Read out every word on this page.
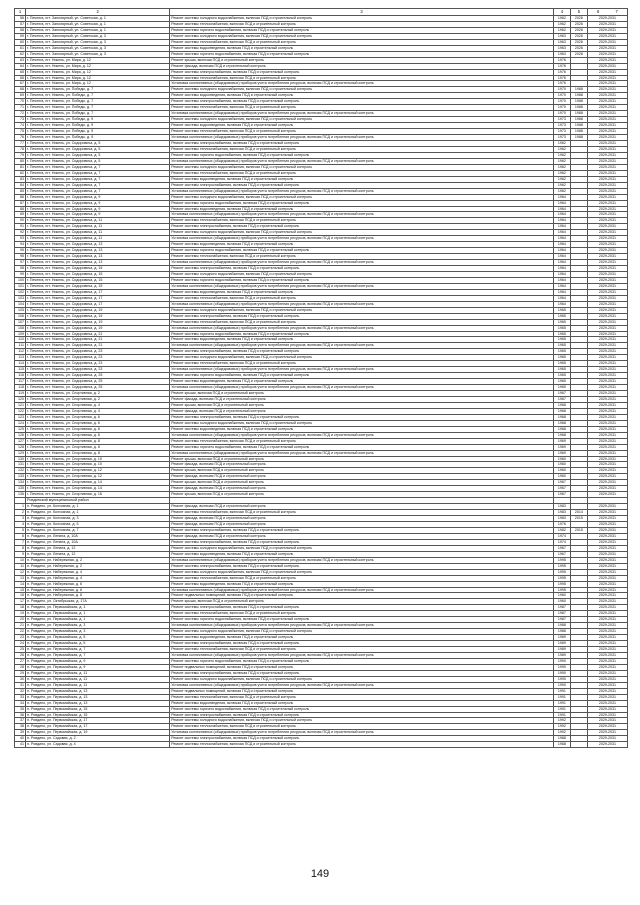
1	2	3	4	5	6 7
56	г. Печенга, пгт. Заполярный, ул. Советская, д. 1	Ремонт системы холодного водоснабжения, включая ПСД и строительный контроль	1962	2026	2029-2031
57	г. Печенга, пгт. Заполярный, ул. Советская, д. 1	Ремонт системы теплоснабжения, включая ПСД и строительный контроль	1962	2026	2029-2031
58	г. Печенга, пгт. Заполярный, ул. Советская, д. 1	Ремонт системы горячего водоснабжения, включая ПСД и строительный контроль	1962	2026	2029-2031
59	г. Печенга, пгт. Заполярный, ул. Советская, д. 3	Ремонт системы холодного водоснабжения, включая ПСД и строительный контроль	1963	2026	2029-2031
60	г. Печенга, пгт. Заполярный, ул. Советская, д. 3	Ремонт системы теплоснабжения, включая ПСД и строительный контроль	1963	2026	2029-2031
61	г. Печенга, пгт. Заполярный, ул. Советская, д. 3	Ремонт системы водоотведения, включая ПСД и строительный контроль	1963	2026	2029-2031
62	г. Печенга, пгт. Заполярный, ул. Советская, д. 3	Ремонт системы горячего водоснабжения, включая ПСД и строительный контроль	1963	2026	2029-2031
63	г. Печенга, пгт. Никель, ул. Мира, д. 12	Ремонт крыши, включая ПСД и строительный контроль	1976		2029-2031
64	г. Печенга, пгт. Никель, ул. Мира, д. 12	Ремонт фасада, включая ПСД и строительный контроль	1976		2029-2031
65	г. Печенга, пгт. Никель, ул. Мира, д. 12	Ремонт системы электроснабжения, включая ПСД и строительный контроль	1976		2029-2031
66	г. Печенга, пгт. Никель, ул. Мира, д. 12	Ремонт системы теплоснабжения, включая ПСД и строительный контроль	1976		2029-2031
67	г. Печенга, пгт. Никель, ул. Мира, д. 12	Установка коллективных (общедомовых) приборов учета потребления ресурсов, включая ПСД и строительный контроль	1976		2029-2031
68	г. Печенга, пгт. Никель, ул. Победы, д. 7	Ремонт системы холодного водоснабжения, включая ПСД и строительный контроль	1970	1988	2029-2031
69	г. Печенга, пгт. Никель, ул. Победы, д. 7	Ремонт системы водоотведения, включая ПСД и строительный контроль	1970	1988	2029-2031
70	г. Печенга, пгт. Никель, ул. Победы, д. 7	Ремонт системы электроснабжения, включая ПСД и строительный контроль	1970	1988	2029-2031
71	г. Печенга, пгт. Никель, ул. Победы, д. 7	Ремонт системы теплоснабжения, включая ПСД и строительный контроль	1970	1988	2029-2031
72	г. Печенга, пгт. Никель, ул. Победы, д. 7	Установка коллективных (общедомовых) приборов учета потребления ресурсов, включая ПСД и строительный контроль	1970	1988	2029-2031
73	г. Печенга, пгт. Никель, ул. Победы, д. 9	Ремонт системы холодного водоснабжения, включая ПСД и строительный контроль	1973	1988	2029-2031
74	г. Печенга, пгт. Никель, ул. Победы, д. 9	Ремонт системы водоотведения, включая ПСД и строительный контроль	1973	1988	2029-2031
75	г. Печенга, пгт. Никель, ул. Победы, д. 9	Ремонт системы теплоснабжения, включая ПСД и строительный контроль	1973	1988	2029-2031
76	г. Печенга, пгт. Никель, ул. Победы, д. 9	Установка коллективных (общедомовых) приборов учета потребления ресурсов, включая ПСД и строительный контроль	1973	1988	2029-2031
77	г. Печенга, пгт. Никель, ул. Сидоровича, д. 5	Ремонт системы электроснабжения, включая ПСД и строительный контроль	1962		2029-2031
78	г. Печенга, пгт. Никель, ул. Сидоровича, д. 5	Ремонт системы теплоснабжения, включая ПСД и строительный контроль	1962		2029-2031
79	г. Печенга, пгт. Никель, ул. Сидоровича, д. 5	Ремонт системы горячего водоснабжения, включая ПСД и строительный контроль	1962		2029-2031
80	г. Печенга, пгт. Никель, ул. Сидоровича, д. 5	Установка коллективных (общедомовых) приборов учета потребления ресурсов, включая ПСД и строительный контроль	1962		2029-2031
81	г. Печенга, пгт. Никель, ул. Сидоровича, д. 7	Ремонт системы холодного водоснабжения, включая ПСД и строительный контроль	1962		2029-2031
82	г. Печенга, пгт. Никель, ул. Сидоровича, д. 7	Ремонт системы теплоснабжения, включая ПСД и строительный контроль	1962		2029-2031
83	г. Печенга, пгт. Никель, ул. Сидоровича, д. 7	Ремонт системы водоотведения, включая ПСД и строительный контроль	1962		2029-2031
84	г. Печенга, пгт. Никель, ул. Сидоровича, д. 7	Ремонт системы электроснабжения, включая ПСД и строительный контроль	1962		2029-2031
85	г. Печенга, пгт. Никель, ул. Сидоровича, д. 7	Установка коллективных (общедомовых) приборов учета потребления ресурсов, включая ПСД и строительный контроль	1962		2029-2031
86	г. Печенга, пгт. Никель, ул. Сидоровича, д. 9	Ремонт системы холодного водоснабжения, включая ПСД и строительный контроль	1964		2029-2031
87	г. Печенга, пгт. Никель, ул. Сидоровича, д. 9	Ремонт системы горячего водоснабжения, включая ПСД и строительный контроль	1964		2029-2031
88	г. Печенга, пгт. Никель, ул. Сидоровича, д. 9	Ремонт системы водоотведения, включая ПСД и строительный контроль	1964		2029-2031
89	г. Печенга, пгт. Никель, ул. Сидоровича, д. 9	Установка коллективных (общедомовых) приборов учета потребления ресурсов, включая ПСД и строительный контроль	1964		2029-2031
90	г. Печенга, пгт. Никель, ул. Сидоровича, д. 11	Ремонт системы теплоснабжения, включая ПСД и строительный контроль	1964		2029-2031
91	г. Печенга, пгт. Никель, ул. Сидоровича, д. 11	Ремонт системы электроснабжения, включая ПСД и строительный контроль	1964		2029-2031
92	г. Печенга, пгт. Никель, ул. Сидоровича, д. 11	Ремонт системы холодного водоснабжения, включая ПСД и строительный контроль	1964		2029-2031
93	г. Печенга, пгт. Никель, ул. Сидоровича, д. 11	Установка коллективных (общедомовых) приборов учета потребления ресурсов, включая ПСД и строительный контроль	1964		2029-2031
94	г. Печенга, пгт. Никель, ул. Сидоровича, д. 13	Ремонт системы водоотведения, включая ПСД и строительный контроль	1964		2029-2031
95	г. Печенга, пгт. Никель, ул. Сидоровича, д. 13	Ремонт системы горячего водоснабжения, включая ПСД и строительный контроль	1964		2029-2031
96	г. Печенга, пгт. Никель, ул. Сидоровича, д. 13	Ремонт системы теплоснабжения, включая ПСД и строительный контроль	1964		2029-2031
97	г. Печенга, пгт. Никель, ул. Сидоровича, д. 13	Установка коллективных (общедомовых) приборов учета потребления ресурсов, включая ПСД и строительный контроль	1964		2029-2031
98	г. Печенга, пгт. Никель, ул. Сидоровича, д. 15	Ремонт системы электроснабжения, включая ПСД и строительный контроль	1964		2029-2031
99	г. Печенга, пгт. Никель, ул. Сидоровича, д. 15	Ремонт системы холодного водоснабжения, включая ПСД и строительный контроль	1964		2029-2031
100	г. Печенга, пгт. Никель, ул. Сидоровича, д. 15	Ремонт системы горячего водоснабжения, включая ПСД и строительный контроль	1964		2029-2031
101	г. Печенга, пгт. Никель, ул. Сидоровича, д. 15	Установка коллективных (общедомовых) приборов учета потребления ресурсов, включая ПСД и строительный контроль	1964		2029-2031
102	г. Печенга, пгт. Никель, ул. Сидоровича, д. 17	Ремонт системы водоотведения, включая ПСД и строительный контроль	1964		2029-2031
103	г. Печенга, пгт. Никель, ул. Сидоровича, д. 17	Ремонт системы теплоснабжения, включая ПСД и строительный контроль	1964		2029-2031
104	г. Печенга, пгт. Никель, ул. Сидоровича, д. 17	Установка коллективных (общедомовых) приборов учета потребления ресурсов, включая ПСД и строительный контроль	1964		2029-2031
105	г. Печенга, пгт. Никель, ул. Сидоровича, д. 19	Ремонт системы холодного водоснабжения, включая ПСД и строительный контроль	1965		2029-2031
106	г. Печенга, пгт. Никель, ул. Сидоровича, д. 19	Ремонт системы электроснабжения, включая ПСД и строительный контроль	1965		2029-2031
107	г. Печенга, пгт. Никель, ул. Сидоровича, д. 19	Ремонт системы теплоснабжения, включая ПСД и строительный контроль	1965		2029-2031
108	г. Печенга, пгт. Никель, ул. Сидоровича, д. 19	Установка коллективных (общедомовых) приборов учета потребления ресурсов, включая ПСД и строительный контроль	1965		2029-2031
109	г. Печенга, пгт. Никель, ул. Сидоровича, д. 21	Ремонт системы горячего водоснабжения, включая ПСД и строительный контроль	1965		2029-2031
110	г. Печенга, пгт. Никель, ул. Сидоровича, д. 21	Ремонт системы водоотведения, включая ПСД и строительный контроль	1965		2029-2031
111	г. Печенга, пгт. Никель, ул. Сидоровича, д. 21	Установка коллективных (общедомовых) приборов учета потребления ресурсов, включая ПСД и строительный контроль	1965		2029-2031
112	г. Печенга, пгт. Никель, ул. Сидоровича, д. 23	Ремонт системы электроснабжения, включая ПСД и строительный контроль	1965		2029-2031
113	г. Печенга, пгт. Никель, ул. Сидоровича, д. 23	Ремонт системы холодного водоснабжения, включая ПСД и строительный контроль	1965		2029-2031
114	г. Печенга, пгт. Никель, ул. Сидоровича, д. 23	Ремонт системы теплоснабжения, включая ПСД и строительный контроль	1965		2029-2031
115	г. Печенга, пгт. Никель, ул. Сидоровича, д. 23	Установка коллективных (общедомовых) приборов учета потребления ресурсов, включая ПСД и строительный контроль	1965		2029-2031
116	г. Печенга, пгт. Никель, ул. Сидоровича, д. 25	Ремонт системы горячего водоснабжения, включая ПСД и строительный контроль	1965		2029-2031
117	г. Печенга, пгт. Никель, ул. Сидоровича, д. 25	Ремонт системы водоотведения, включая ПСД и строительный контроль	1965		2029-2031
118	г. Печенга, пгт. Никель, ул. Сидоровича, д. 25	Установка коллективных (общедомовых) приборов учета потребления ресурсов, включая ПСД и строительный контроль	1965		2029-2031
119	г. Печенга, пгт. Никель, ул. Спортивная, д. 2	Ремонт крыши, включая ПСД и строительный контроль	1967		2029-2031
120	г. Печенга, пгт. Никель, ул. Спортивная, д. 2	Ремонт фасада, включая ПСД и строительный контроль	1967		2029-2031
121	г. Печенга, пгт. Никель, ул. Спортивная, д. 4	Ремонт крыши, включая ПСД и строительный контроль	1968		2029-2031
122	г. Печенга, пгт. Никель, ул. Спортивная, д. 4	Ремонт фасада, включая ПСД и строительный контроль	1968		2029-2031
123	г. Печенга, пгт. Никель, ул. Спортивная, д. 6	Ремонт системы электроснабжения, включая ПСД и строительный контроль	1968		2029-2031
124	г. Печенга, пгт. Никель, ул. Спортивная, д. 6	Ремонт системы холодного водоснабжения, включая ПСД и строительный контроль	1968		2029-2031
125	г. Печенга, пгт. Никель, ул. Спортивная, д. 6	Ремонт системы водоотведения, включая ПСД и строительный контроль	1968		2029-2031
126	г. Печенга, пгт. Никель, ул. Спортивная, д. 6	Установка коллективных (общедомовых) приборов учета потребления ресурсов, включая ПСД и строительный контроль	1968		2029-2031
127	г. Печенга, пгт. Никель, ул. Спортивная, д. 8	Ремонт системы теплоснабжения, включая ПСД и строительный контроль	1969		2029-2031
128	г. Печенга, пгт. Никель, ул. Спортивная, д. 8	Ремонт системы горячего водоснабжения, включая ПСД и строительный контроль	1969		2029-2031
129	г. Печенга, пгт. Никель, ул. Спортивная, д. 8	Установка коллективных (общедомовых) приборов учета потребления ресурсов, включая ПСД и строительный контроль	1969		2029-2031
130	г. Печенга, пгт. Никель, ул. Спортивная, д. 10	Ремонт крыши, включая ПСД и строительный контроль	1960		2029-2031
131	г. Печенга, пгт. Никель, ул. Спортивная, д. 10	Ремонт фасада, включая ПСД и строительный контроль	1960		2029-2031
132	г. Печенга, пгт. Никель, ул. Спортивная, д. 12	Ремонт крыши, включая ПСД и строительный контроль	1960		2029-2031
133	г. Печенга, пгт. Никель, ул. Спортивная, д. 12	Ремонт фасада, включая ПСД и строительный контроль	1960		2029-2031
134	г. Печенга, пгт. Никель, ул. Спортивная, д. 14	Ремонт крыши, включая ПСД и строительный контроль	1967		2029-2031
135	г. Печенга, пгт. Никель, ул. Спортивная, д. 14	Ремонт фасада, включая ПСД и строительный контроль	1967		2029-2031
136	г. Печенга, пгт. Никель, ул. Спортивная, д. 16	Ремонт крыши, включая ПСД и строительный контроль	1967		2029-2031
	Ровдинский муниципальный район				
1	п. Ровдино, ул. Колхозная, д. 1	Ремонт фасада, включая ПСД и строительный контроль	1983		2029-2031
2	п. Ровдино, ул. Колхозная, д. 1	Ремонт системы теплоснабжения, включая ПСД и строительный контроль	1983	2014	2029-2031
3	п. Ровдино, ул. Колхозная, д. 3	Ремонт фасада, включая ПСД и строительный контроль	1983	2015	2029-2031
4	п. Ровдино, ул. Колхозная, д. 5	Ремонт фасада, включая ПСД и строительный контроль	1976		2029-2031
5	п. Ровдино, ул. Колхозная, д. 7	Ремонт системы электроснабжения, включая ПСД и строительный контроль	1982	2015	2029-2031
6	п. Ровдино, ул. Ленина, д. 10А	Ремонт фасада, включая ПСД и строительный контроль	1974		2029-2031
7	п. Ровдино, ул. Ленина, д. 10А	Ремонт системы электроснабжения, включая ПСД и строительный контроль	1974		2029-2031
8	п. Ровдино, ул. Ленина, д. 12	Ремонт системы холодного водоснабжения, включая ПСД и строительный контроль	1967		2029-2031
9	п. Ровдино, ул. Ленина, д. 12	Ремонт системы водоотведения, включая ПСД и строительный контроль	1967		2029-2031
10	п. Ровдино, ул. Набережная, д. 2	Установка коллективных (общедомовых) приборов учета потребления ресурсов, включая ПСД и строительный контроль	1995		2029-2031
11	п. Ровдино, ул. Набережная, д. 2	Ремонт системы электроснабжения, включая ПСД и строительный контроль	1995		2029-2031
12	п. Ровдино, ул. Набережная, д. 4	Ремонт системы холодного водоснабжения, включая ПСД и строительный контроль	1995		2029-2031
13	п. Ровдино, ул. Набережная, д. 4	Ремонт системы теплоснабжения, включая ПСД и строительный контроль	1995		2029-2031
14	п. Ровдино, ул. Набережная, д. 6	Ремонт системы водоотведения, включая ПСД и строительный контроль	1995		2029-2031
15	п. Ровдино, ул. Набережная, д. 6	Установка коллективных (общедомовых) приборов учета потребления ресурсов, включая ПСД и строительный контроль	1995		2029-2031
16	п. Ровдино, ул. Набережная, д. 8	Ремонт подвальных помещений, включая ПСД и строительный контроль	1960		2029-2031
17	п. Ровдино, ул. Октябрьская, д. 17А	Ремонт крыши, включая ПСД и строительный контроль	1960		2029-2031
18	п. Ровдино, ул. Первомайская, д. 1	Ремонт системы электроснабжения, включая ПСД и строительный контроль	1987		2029-2031
19	п. Ровдино, ул. Первомайская, д. 1	Ремонт системы теплоснабжения, включая ПСД и строительный контроль	1987		2029-2031
20	п. Ровдино, ул. Первомайская, д. 1	Ремонт системы горячего водоснабжения, включая ПСД и строительный контроль	1987		2029-2031
21	п. Ровдино, ул. Первомайская, д. 3	Установка коллективных (общедомовых) приборов учета потребления ресурсов, включая ПСД и строительный контроль	1988		2029-2031
22	п. Ровдино, ул. Первомайская, д. 3	Ремонт системы холодного водоснабжения, включая ПСД и строительный контроль	1988		2029-2031
23	п. Ровдино, ул. Первомайская, д. 5	Ремонт системы водоотведения, включая ПСД и строительный контроль	1989		2029-2031
24	п. Ровдино, ул. Первомайская, д. 5	Ремонт системы электроснабжения, включая ПСД и строительный контроль	1989		2029-2031
25	п. Ровдино, ул. Первомайская, д. 7	Ремонт системы теплоснабжения, включая ПСД и строительный контроль	1989		2029-2031
26	п. Ровдино, ул. Первомайская, д. 7	Установка коллективных (общедомовых) приборов учета потребления ресурсов, включая ПСД и строительный контроль	1989		2029-2031
27	п. Ровдино, ул. Первомайская, д. 9	Ремонт системы горячего водоснабжения, включая ПСД и строительный контроль	1990		2029-2031
28	п. Ровдино, ул. Первомайская, д. 9	Ремонт подвальных помещений, включая ПСД и строительный контроль	1990		2029-2031
29	п. Ровдино, ул. Первомайская, д. 11	Ремонт системы электроснабжения, включая ПСД и строительный контроль	1990		2029-2031
30	п. Ровдино, ул. Первомайская, д. 11	Ремонт системы холодного водоснабжения, включая ПСД и строительный контроль	1990		2029-2031
31	п. Ровдино, ул. Первомайская, д. 11	Установка коллективных (общедомовых) приборов учета потребления ресурсов, включая ПСД и строительный контроль	1990		2029-2031
32	п. Ровдино, ул. Первомайская, д. 13	Ремонт подвальных помещений, включая ПСД и строительный контроль	1991		2029-2031
33	п. Ровдино, ул. Первомайская, д. 13	Ремонт системы теплоснабжения, включая ПСД и строительный контроль	1991		2029-2031
34	п. Ровдино, ул. Первомайская, д. 13	Ремонт системы водоотведения, включая ПСД и строительный контроль	1991		2029-2031
35	п. Ровдино, ул. Первомайская, д. 15	Ремонт системы горячего водоснабжения, включая ПСД и строительный контроль	1991		2029-2031
36	п. Ровдино, ул. Первомайская, д. 15	Ремонт системы электроснабжения, включая ПСД и строительный контроль	1991		2029-2031
37	п. Ровдино, ул. Первомайская, д. 17	Ремонт системы холодного водоснабжения, включая ПСД и строительный контроль	1992		2029-2031
38	п. Ровдино, ул. Первомайская, д. 17	Ремонт системы теплоснабжения, включая ПСД и строительный контроль	1992		2029-2031
39	п. Ровдино, ул. Первомайская, д. 19	Установка коллективных (общедомовых) приборов учета потребления ресурсов, включая ПСД и строительный контроль	1992		2029-2031
40	п. Ровдино, ул. Садовая, д. 2	Ремонт системы электроснабжения, включая ПСД и строительный контроль	1988		2029-2031
41	п. Ровдино, ул. Садовая, д. 4	Ремонт системы теплоснабжения, включая ПСД и строительный контроль	1988		2029-2031
149
